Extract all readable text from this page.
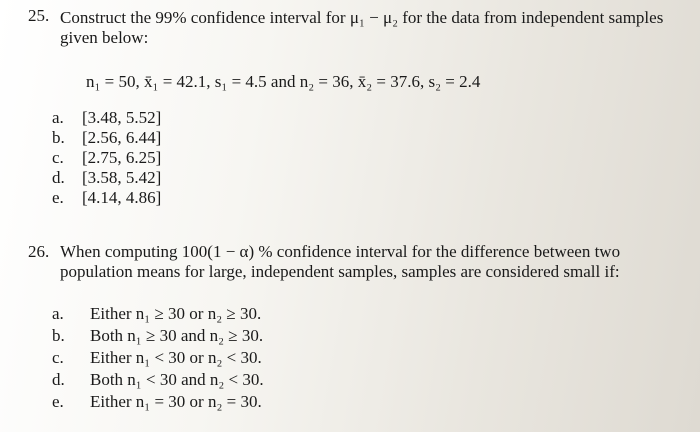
25. Construct the 99% confidence interval for μ₁ − μ₂ for the data from independent samples
given below:
n₁ = 50, x̄₁ = 42.1, s₁ = 4.5 and n₂ = 36, x̄₂ = 37.6, s₂ = 2.4
a. [3.48, 5.52]
b. [2.56, 6.44]
c. [2.75, 6.25]
d. [3.58, 5.42]
e. [4.14, 4.86]
26. When computing 100(1 − α) % confidence interval for the difference between two
population means for large, independent samples, samples are considered small if:
a. Either n₁ ≥ 30 or n₂ ≥ 30.
b. Both n₁ ≥ 30 and n₂ ≥ 30.
c. Either n₁ < 30 or n₂ < 30.
d. Both n₁ < 30 and n₂ < 30.
e. Either n₁ = 30 or n₂ = 30.
